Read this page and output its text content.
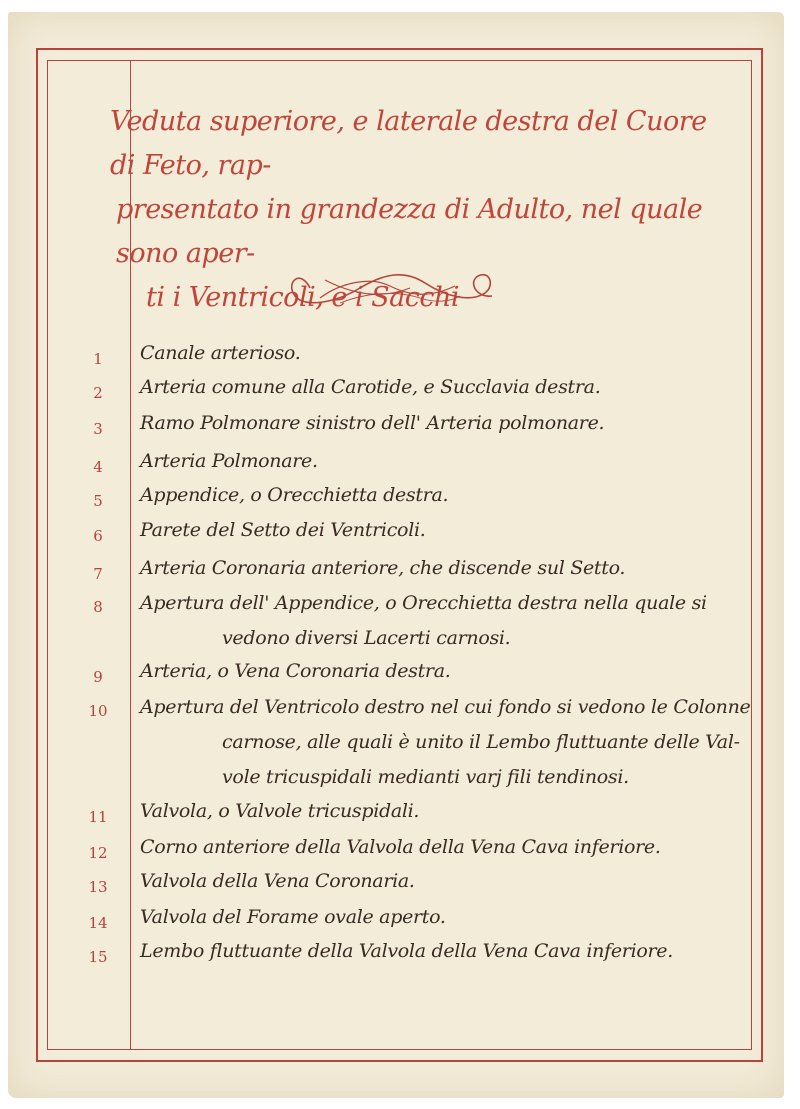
Veduta superiore, e laterale destra del Cuore di Feto, rap-
presentato in grandezza di Adulto, nel quale sono aper-
ti i Ventricoli, e i Sacchi
1	Canale arterioso.
2	Arteria comune alla Carotide, e Succlavia destra.
3	Ramo Polmonare sinistro dell' Arteria polmonare.
4	Arteria Polmonare.
5	Appendice, o Orecchietta destra.
6	Parete del Setto dei Ventricoli.
7	Arteria Coronaria anteriore, che discende sul Setto.
8	Apertura dell' Appendice, o Orecchietta destra nella quale si
vedono diversi Lacerti carnosi.
9	Arteria, o Vena Coronaria destra.
10	Apertura del Ventricolo destro nel cui fondo si vedono le Colonne
carnose, alle quali è unito il Lembo fluttuante delle Val-
vole tricuspidali medianti varj fili tendinosi.
11	Valvola, o Valvole tricuspidali.
12	Corno anteriore della Valvola della Vena Cava inferiore.
13	Valvola della Vena Coronaria.
14	Valvola del Forame ovale aperto.
15	Lembo fluttuante della Valvola della Vena Cava inferiore.
